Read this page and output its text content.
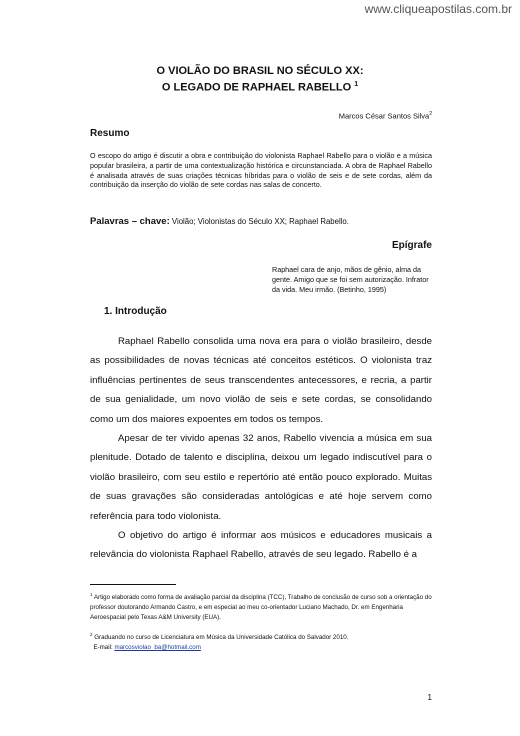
www.cliqueapostilas.com.br
O VIOLÃO DO BRASIL NO SÉCULO XX:
O LEGADO DE RAPHAEL RABELLO $^1$
Marcos César Santos Silva$^2$
Resumo
O escopo do artigo é discutir a obra e contribuição do violonista Raphael Rabello para o violão e a música popular brasileira, a partir de uma contextualização histórica e circunstanciada. A obra de Raphael Rabello é analisada através de suas criações técnicas híbridas para o violão de seis e de sete cordas, além da contribuição da inserção do violão de sete cordas nas salas de concerto.
Palavras – chave: Violão; Violonistas do Século XX; Raphael Rabello.
Epígrafe
Raphael cara de anjo, mãos de gênio, alma da gente. Amigo que se foi sem autorização. Infrator da vida. Meu irmão. (Betinho, 1995)
1. Introdução

Raphael Rabello consolida uma nova era para o violão brasileiro, desde as possibilidades de novas técnicas até conceitos estéticos. O violonista traz influências pertinentes de seus transcendentes antecessores, e recria, a partir de sua genialidade, um novo violão de seis e sete cordas, se consolidando como um dos maiores expoentes em todos os tempos.

Apesar de ter vivido apenas 32 anos, Rabello vivencia a música em sua plenitude. Dotado de talento e disciplina, deixou um legado indiscutível para o violão brasileiro, com seu estilo e repertório até então pouco explorado. Muitas de suas gravações são consideradas antológicas e até hoje servem como referência para todo violonista.

O objetivo do artigo é informar aos músicos e educadores musicais a relevância do violonista Raphael Rabello, através de seu legado. Rabello é a

$^1$ Artigo elaborado como forma de avaliação parcial da disciplina (TCC), Trabalho de conclusão de curso sob a orientação do professor doutorando Armando Castro, e em especial ao meu co-orientador Luciano Machado, Dr. em Engenharia Aeroespacial pelo Texas A&M University (EUA).

$^2$ Graduando no curso de Licenciatura em Música da Universidade Católica do Salvador 2010.

E-mail: marcosviolao_ba@hotmail.com

1
